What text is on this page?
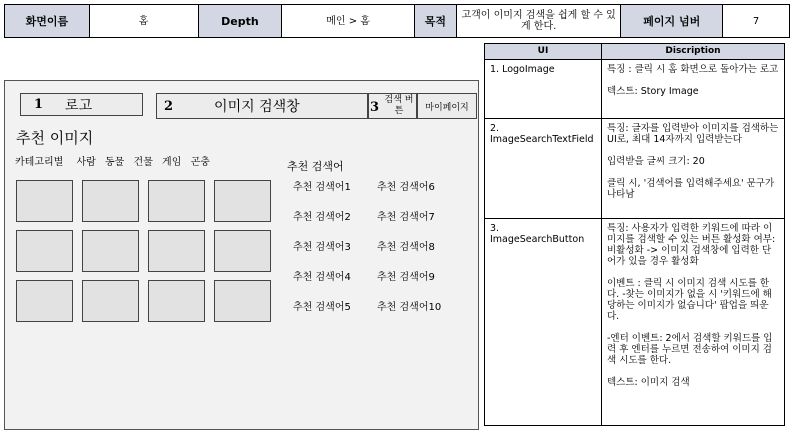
화면이름	홈	Depth	메인 > 홈	목적	고객이 이미지 검색을 쉽게 할 수 있게 한다.	페이지 넘버	7
1 로고	2	이미지 검색창	3 검색 버튼	마이페이지
추천 이미지
카테고리별 사람 동물 건물 게임 곤충	추천 검색어
추천 검색어1
추천 검색어2
추천 검색어3
추천 검색어4
추천 검색어5
추천 검색어6
추천 검색어7
추천 검색어8
추천 검색어9
추천 검색어10
UI	Discription
1. LogoImage	특징 : 클릭 시 홈 화면으로 돌아가는 로고

텍스트: Story Image

2. ImageSearchTextField	특징: 글자를 입력받아 이미지를 검색하는 UI로, 최대 14자까지 입력받는다

입력받을 글씨 크기: 20

클릭 시, '검색어를 입력해주세요' 문구가 나타남

3. ImageSearchButton	특징: 사용자가 입력한 키워드에 따라 이미지를 검색할 수 있는 버튼 활성화 여부: 비활성화 -> 이미지 검색창에 입력한 단어가 있을 경우 활성화

이벤트 : 클릭 시 이미지 검색 시도를 한다. -찾는 이미지가 없을 시 '키워드에 해당하는 이미지가 없습니다' 팝업을 띄운다.

-엔터 이벤트: 2에서 검색할 키워드를 입력 후 엔터를 누르면 전송하여 이미지 검색 시도를 한다.

텍스트: 이미지 검색
